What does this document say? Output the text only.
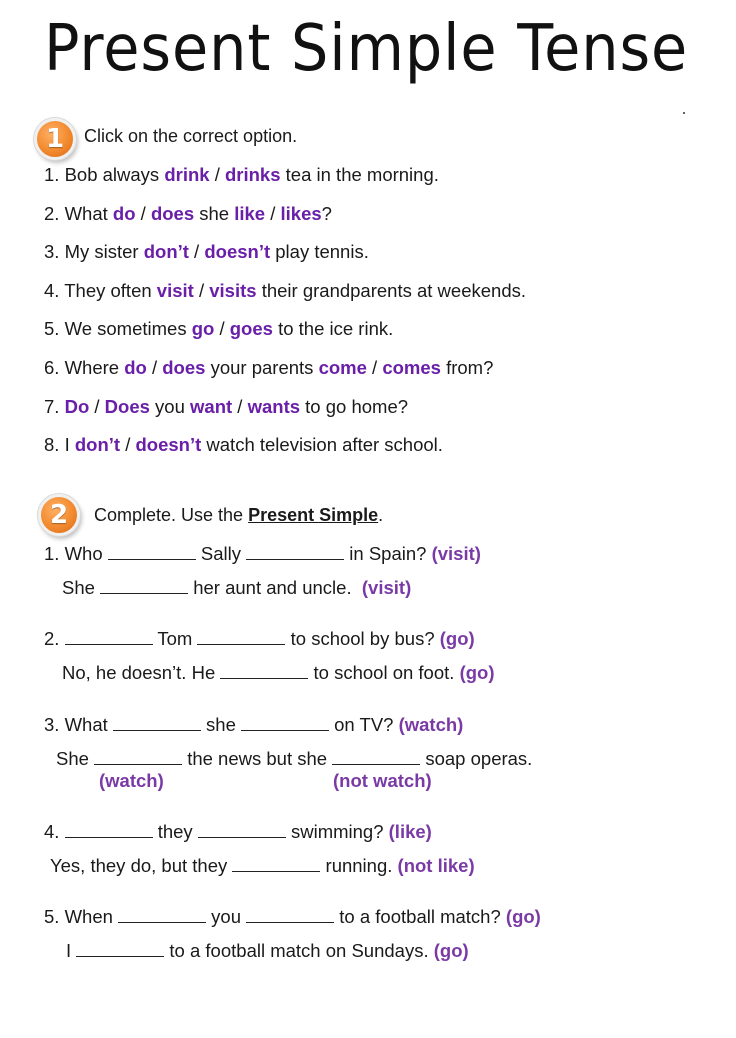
Present Simple Tense
1	Click on the correct option.
1. Bob always drink / drinks tea in the morning.
2. What do / does she like / likes?
3. My sister don’t / doesn’t play tennis.
4. They often visit / visits their grandparents at weekends.
5. We sometimes go / goes to the ice rink.
6. Where do / does your parents come / comes from?
7. Do / Does you want / wants to go home?
8. I don’t / doesn’t watch television after school.
2	Complete. Use the Present Simple.
1. Who	Sally	in Spain? (visit)
She	her aunt and uncle.  (visit)
2.	Tom	to school by bus? (go)
No, he doesn’t. He	to school on foot. (go)
3. What	she	on TV? (watch)
She	the news but she	soap operas.
(watch)	(not watch)
4.	they	swimming? (like)
Yes, they do, but they	running. (not like)
5. When	you	to a football match? (go)
I	to a football match on Sundays. (go)
